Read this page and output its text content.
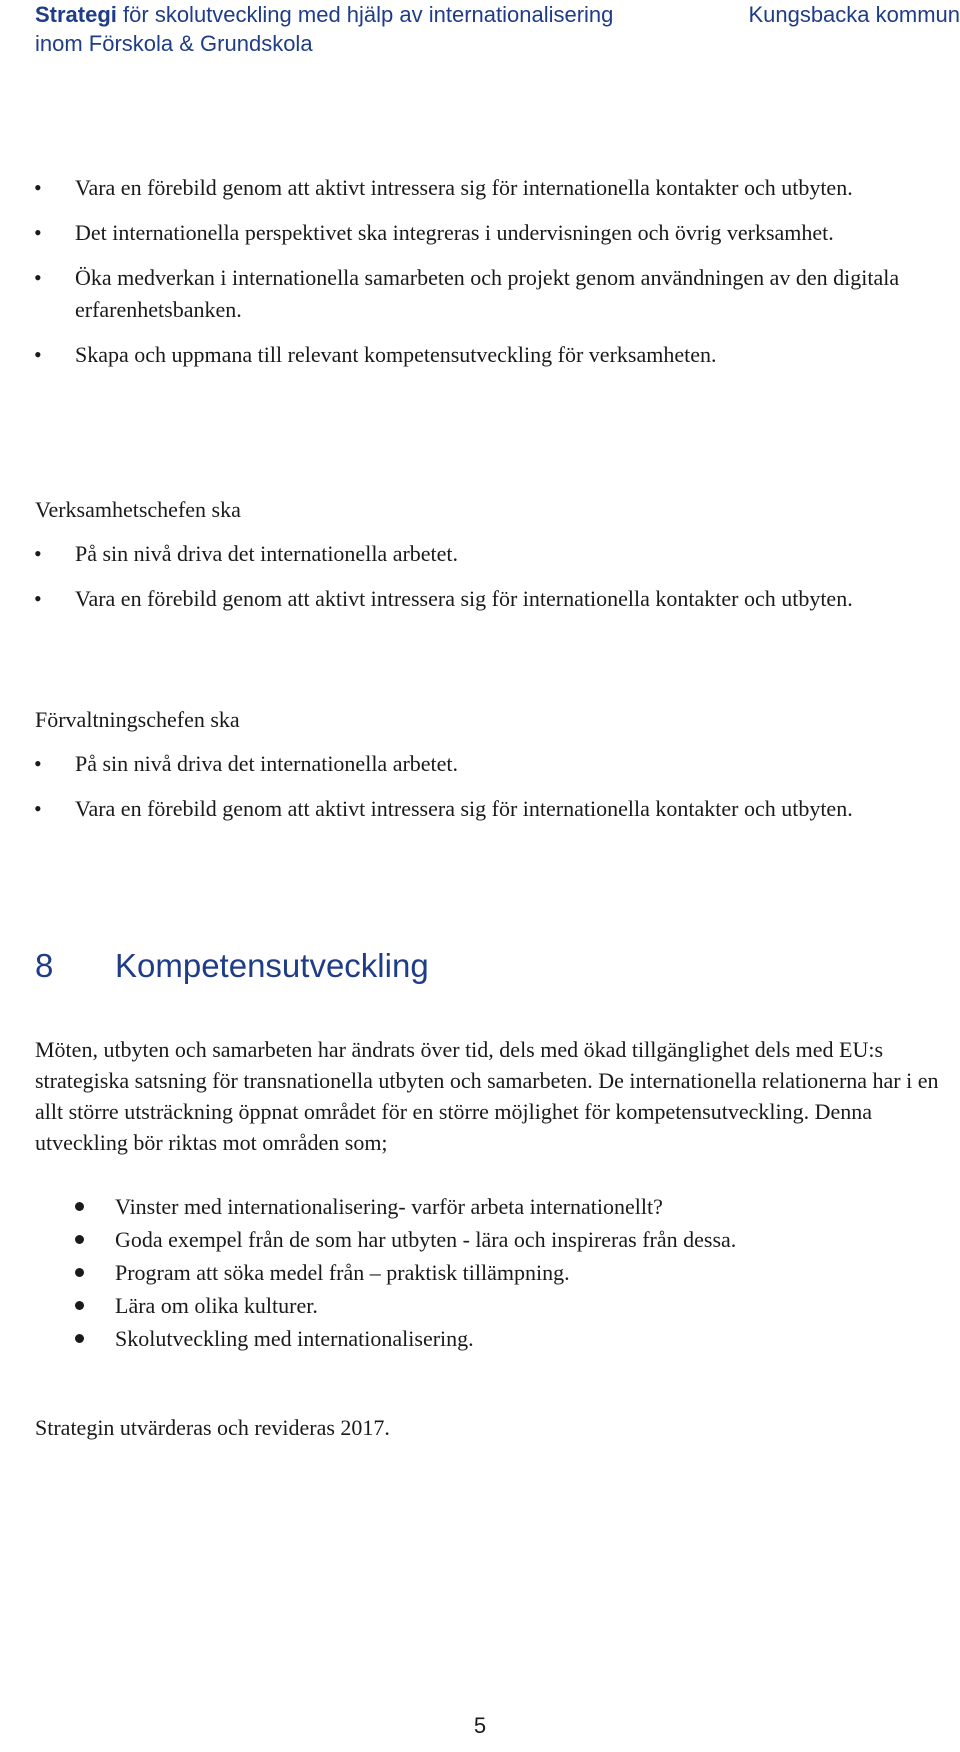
Strategi för skolutveckling med hjälp av internationalisering
inom Förskola & Grundskola
Kungsbacka kommun
• Vara en förebild genom att aktivt intressera sig för internationella kontakter och utbyten.
• Det internationella perspektivet ska integreras i undervisningen och övrig verksamhet.
• Öka medverkan i internationella samarbeten och projekt genom användningen av den digitala erfarenhetsbanken.
• Skapa och uppmana till relevant kompetensutveckling för verksamheten.

Verksamhetschefen ska

• På sin nivå driva det internationella arbetet.
• Vara en förebild genom att aktivt intressera sig för internationella kontakter och utbyten.

Förvaltningschefen ska

• På sin nivå driva det internationella arbetet.
• Vara en förebild genom att aktivt intressera sig för internationella kontakter och utbyten.
8 Kompetensutveckling

Möten, utbyten och samarbeten har ändrats över tid, dels med ökad tillgänglighet dels med EU:s strategiska satsning för transnationella utbyten och samarbeten. De internationella relationerna har i en allt större utsträckning öppnat området för en större möjlighet för kompetensutveckling. Denna utveckling bör riktas mot områden som;

Vinster med internationalisering- varför arbeta internationellt?
Goda exempel från de som har utbyten - lära och inspireras från dessa.
Program att söka medel från – praktisk tillämpning.
Lära om olika kulturer.
Skolutveckling med internationalisering.

Strategin utvärderas och revideras 2017.

5
